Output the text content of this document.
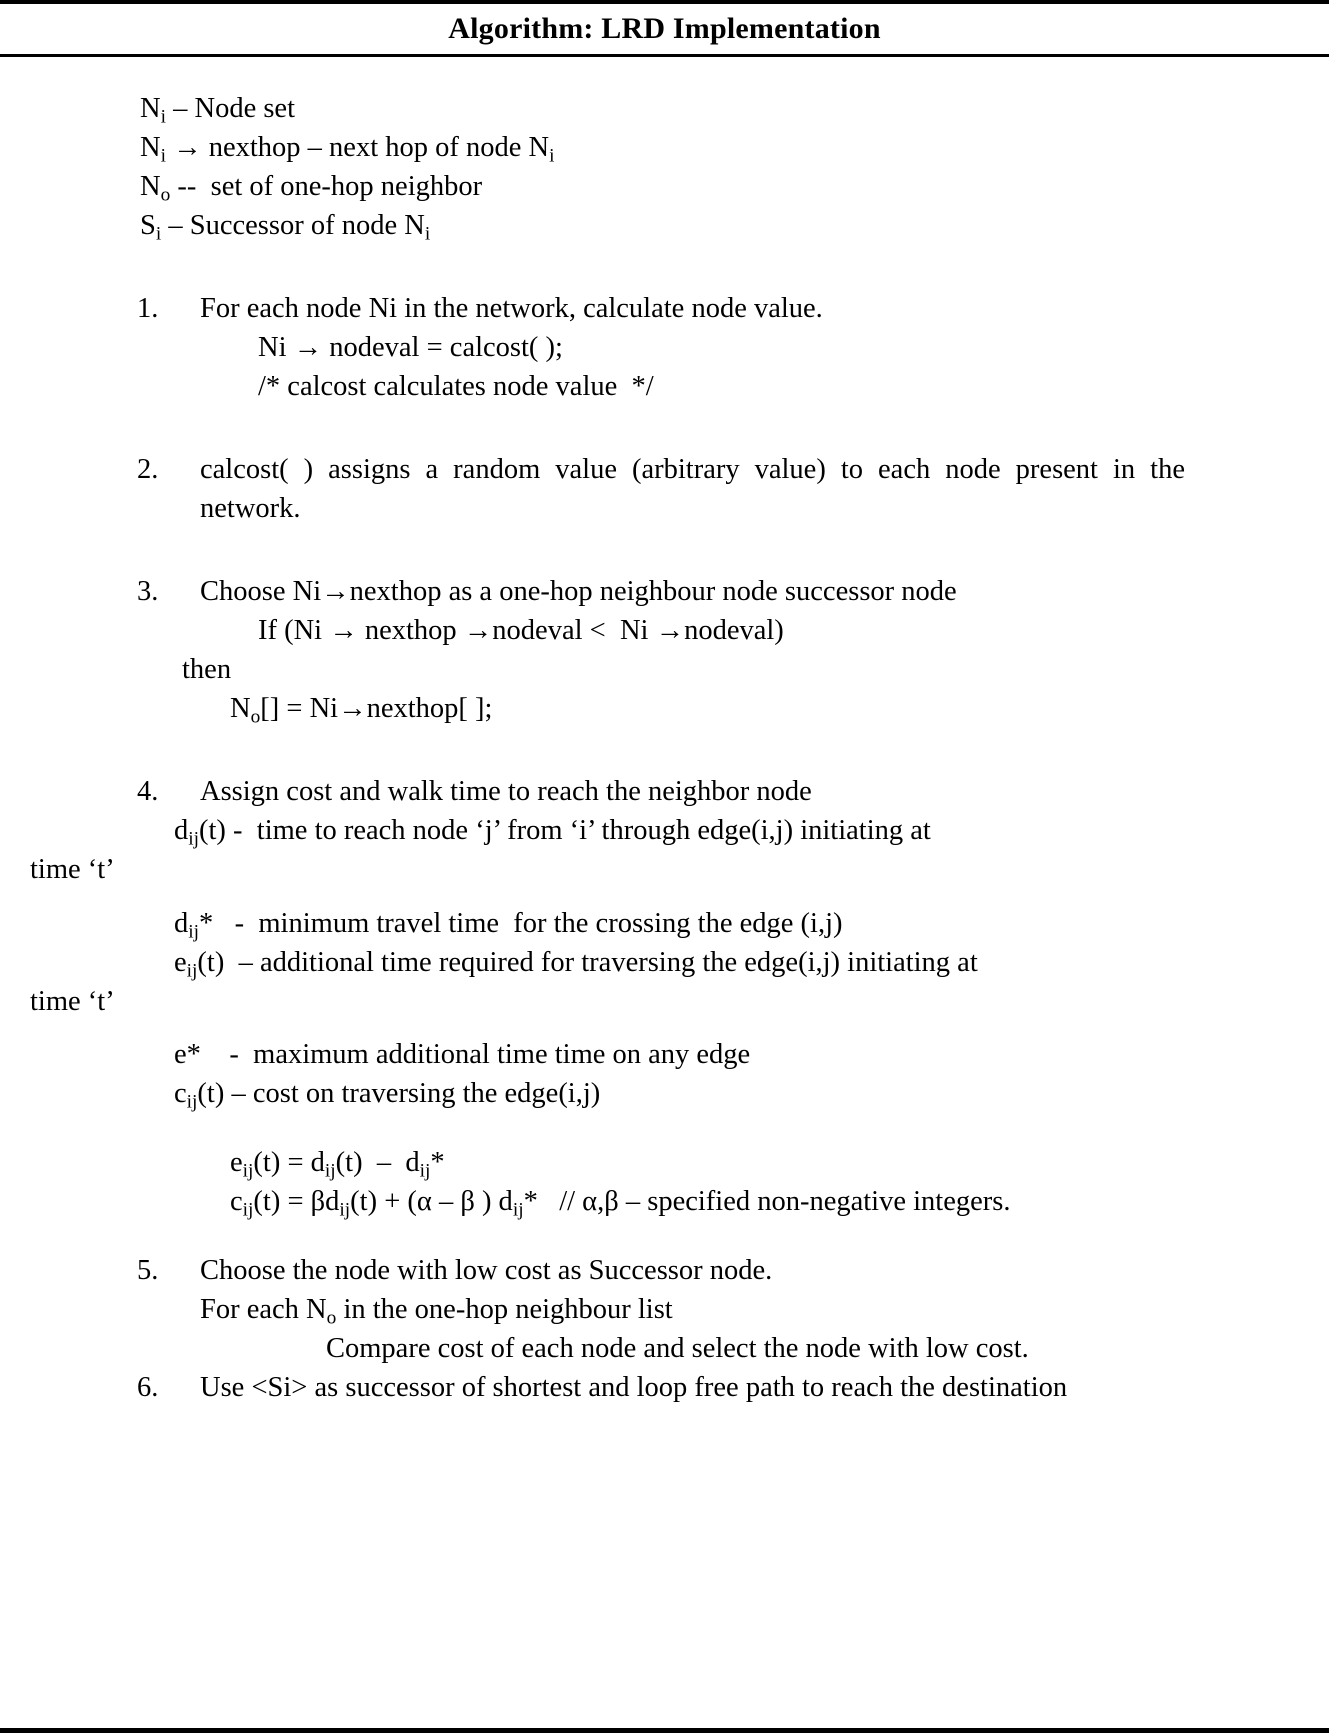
Algorithm: LRD Implementation
$N_i$ – Node set
$N_i$ → nexthop – next hop of node $N_i$
$N_o$ --  set of one-hop neighbor
$S_i$ – Successor of node $N_i$
1. For each node Ni in the network, calculate node value.
Ni → nodeval = calcost( );
/* calcost calculates node value  */
2. calcost( ) assigns a random value (arbitrary value) to each node present in the network.
3. Choose Ni→nexthop as a one-hop neighbour node successor node
If (Ni → nexthop →nodeval <  Ni →nodeval)
then
$N_o[]$ = Ni→nexthop[ ];
4. Assign cost and walk time to reach the neighbor node
$d_{ij}(t)$ -  time to reach node ‘j’ from ‘i’ through edge(i,j) initiating at
time ‘t’
$d_{ij}*$   -  minimum travel time  for the crossing the edge (i,j)
$e_{ij}(t)$  – additional time required for traversing the edge(i,j) initiating at
time ‘t’
e*    -  maximum additional time time on any edge
$c_{ij}(t)$ – cost on traversing the edge(i,j)
$e_{ij}(t) = d_{ij}(t) - d_{ij}*$
$c_{ij}(t) = \beta d_{ij}(t) + (\alpha - \beta$ ) $d_{ij}* // \alpha,\beta$ – specified non-negative integers.
5. Choose the node with low cost as Successor node.
For each $N_o$ in the one-hop neighbour list
Compare cost of each node and select the node with low cost.
6. Use <Si> as successor of shortest and loop free path to reach the destination
